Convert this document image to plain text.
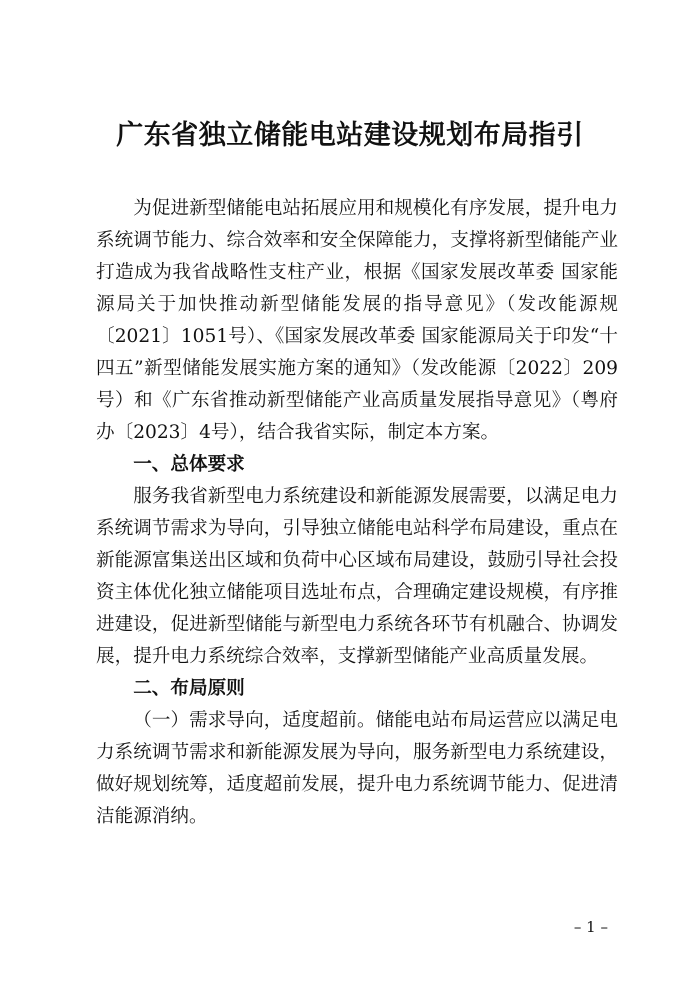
广东省独立储能电站建设规划布局指引

为促进新型储能电站拓展应用和规模化有序发展，提升电力系统调节能力、综合效率和安全保障能力，支撑将新型储能产业打造成为我省战略性支柱产业，根据《国家发展改革委 国家能源局关于加快推动新型储能发展的指导意见》（发改能源规〔2021〕1051号）、《国家发展改革委 国家能源局关于印发“十四五”新型储能发展实施方案的通知》（发改能源〔2022〕209号）和《广东省推动新型储能产业高质量发展指导意见》（粤府办〔2023〕4号），结合我省实际，制定本方案。

一、总体要求

服务我省新型电力系统建设和新能源发展需要，以满足电力系统调节需求为导向，引导独立储能电站科学布局建设，重点在新能源富集送出区域和负荷中心区域布局建设，鼓励引导社会投资主体优化独立储能项目选址布点，合理确定建设规模，有序推进建设，促进新型储能与新型电力系统各环节有机融合、协调发展，提升电力系统综合效率，支撑新型储能产业高质量发展。

二、布局原则

（一）需求导向，适度超前。储能电站布局运营应以满足电力系统调节需求和新能源发展为导向，服务新型电力系统建设，做好规划统筹，适度超前发展，提升电力系统调节能力、促进清洁能源消纳。

– 1 –
